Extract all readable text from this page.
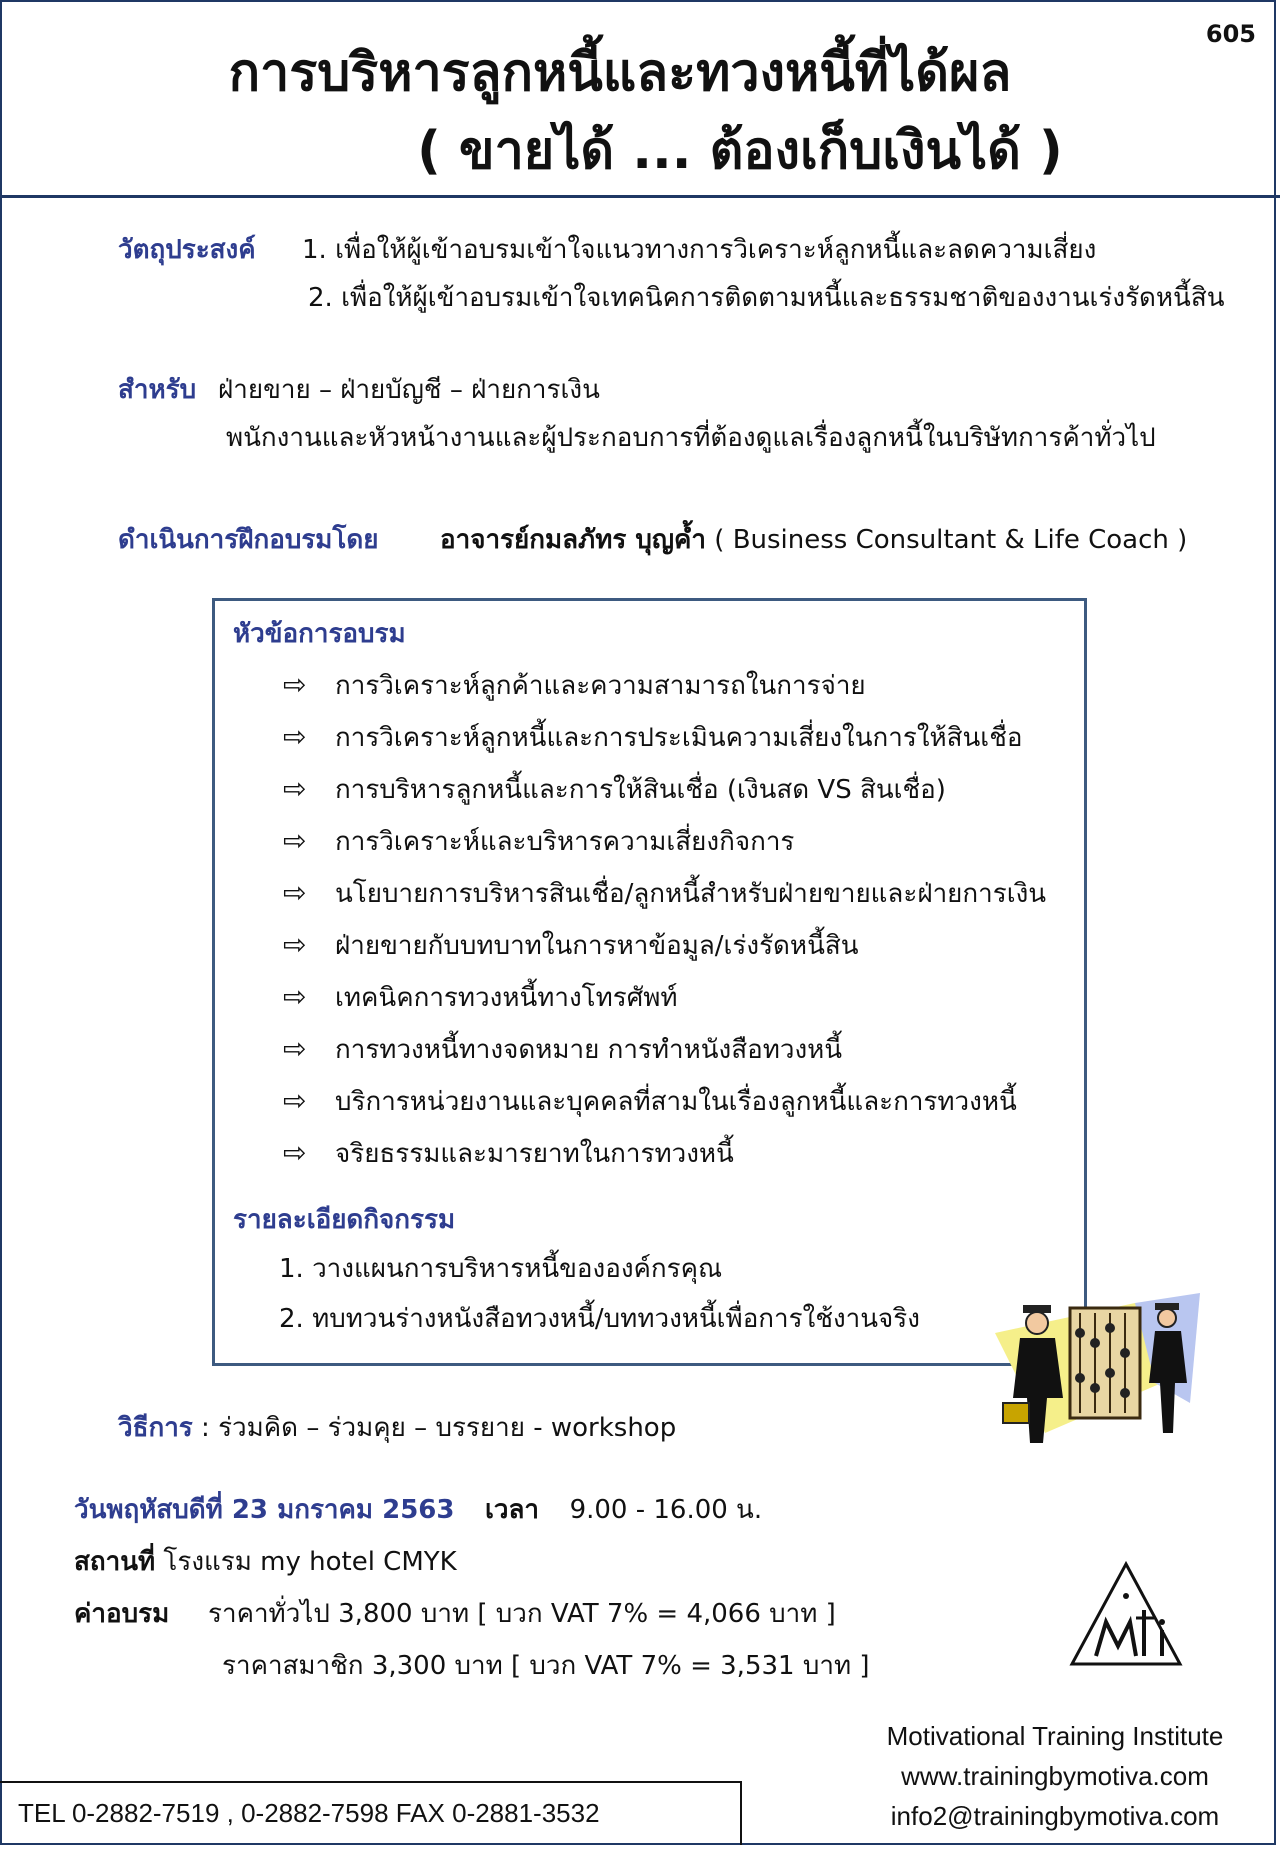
605
การบริหารลูกหนี้และทวงหนี้ที่ได้ผล
( ขายได้ ... ต้องเก็บเงินได้ )
วัตถุประสงค์ 1. เพื่อให้ผู้เข้าอบรมเข้าใจแนวทางการวิเคราะห์ลูกหนี้และลดความเสี่ยง
2. เพื่อให้ผู้เข้าอบรมเข้าใจเทคนิคการติดตามหนี้และธรรมชาติของงานเร่งรัดหนี้สิน
สำหรับ ฝ่ายขาย – ฝ่ายบัญชี – ฝ่ายการเงิน
พนักงานและหัวหน้างานและผู้ประกอบการที่ต้องดูแลเรื่องลูกหนี้ในบริษัทการค้าทั่วไป
ดำเนินการฝึกอบรมโดย อาจารย์กมลภัทร บุญค้ำ ( Business Consultant & Life Coach )
หัวข้อการอบรม
⇨ การวิเคราะห์ลูกค้าและความสามารถในการจ่าย
⇨ การวิเคราะห์ลูกหนี้และการประเมินความเสี่ยงในการให้สินเชื่อ
⇨ การบริหารลูกหนี้และการให้สินเชื่อ (เงินสด VS สินเชื่อ)
⇨ การวิเคราะห์และบริหารความเสี่ยงกิจการ
⇨ นโยบายการบริหารสินเชื่อ/ลูกหนี้สำหรับฝ่ายขายและฝ่ายการเงิน
⇨ ฝ่ายขายกับบทบาทในการหาข้อมูล/เร่งรัดหนี้สิน
⇨ เทคนิคการทวงหนี้ทางโทรศัพท์
⇨ การทวงหนี้ทางจดหมาย การทำหนังสือทวงหนี้
⇨ บริการหน่วยงานและบุคคลที่สามในเรื่องลูกหนี้และการทวงหนี้
⇨ จริยธรรมและมารยาทในการทวงหนี้
รายละเอียดกิจกรรม
1. วางแผนการบริหารหนี้ขององค์กรคุณ
2. ทบทวนร่างหนังสือทวงหนี้/บททวงหนี้เพื่อการใช้งานจริง
วิธีการ : ร่วมคิด – ร่วมคุย – บรรยาย - workshop
วันพฤหัสบดีที่ 23 มกราคม 2563 เวลา 9.00 - 16.00 น.
สถานที่ โรงแรม my hotel CMYK
ค่าอบรม ราคาทั่วไป 3,800 บาท [ บวก VAT 7% = 4,066 บาท ]
ราคาสมาชิก 3,300 บาท [ บวก VAT 7% = 3,531 บาท ]
Motivational Training Institute
www.trainingbymotiva.com
info2@trainingbymotiva.com
TEL 0-2882-7519 , 0-2882-7598 FAX 0-2881-3532
